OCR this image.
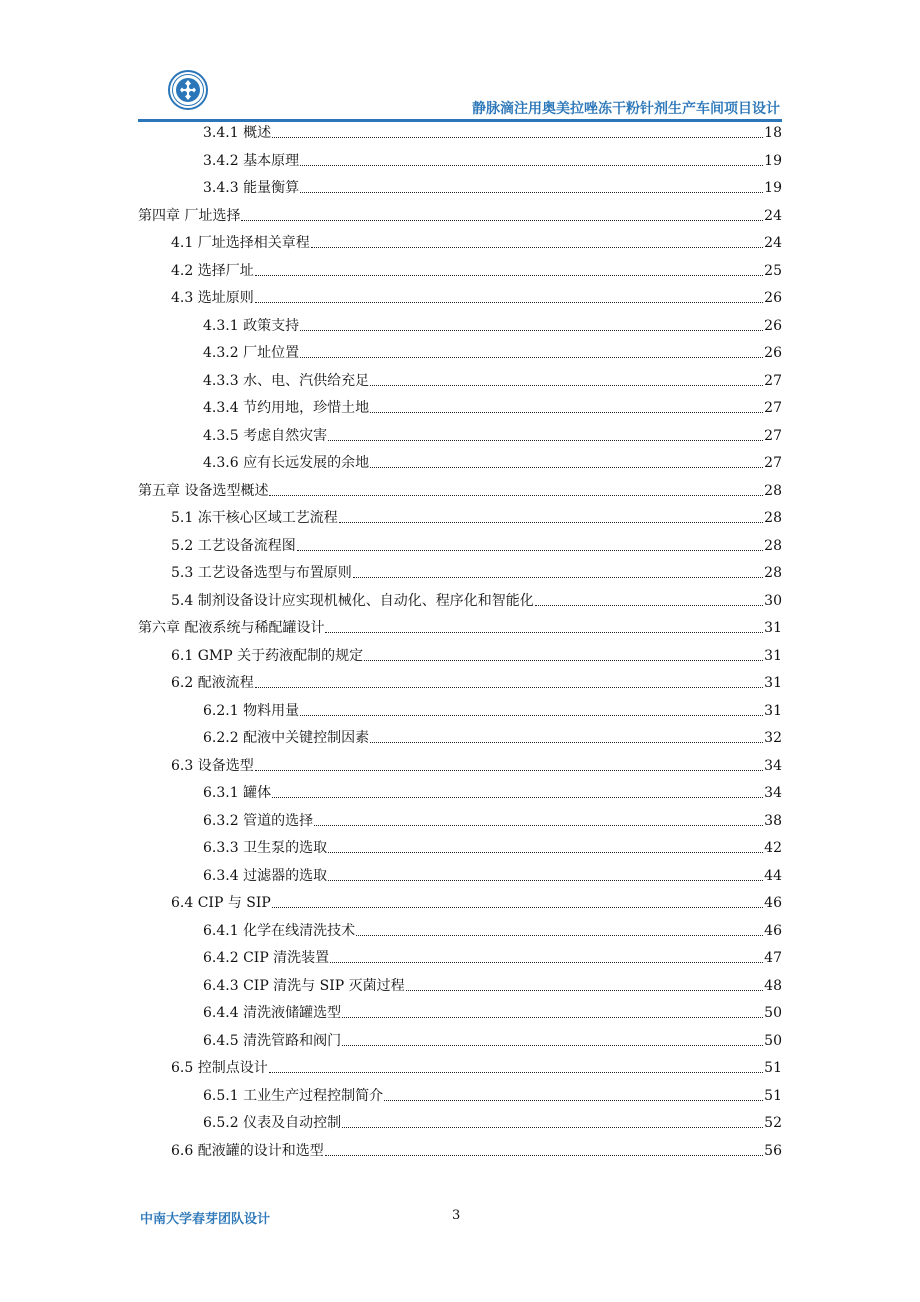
静脉滴注用奥美拉唑冻干粉针剂生产车间项目设计
3.4.1 概述	18
3.4.2 基本原理	19
3.4.3 能量衡算	19
第四章 厂址选择	24
4.1 厂址选择相关章程	24
4.2 选择厂址	25
4.3 选址原则	26
4.3.1 政策支持	26
4.3.2 厂址位置	26
4.3.3 水、电、汽供给充足	27
4.3.4 节约用地，珍惜土地	27
4.3.5 考虑自然灾害	27
4.3.6 应有长远发展的余地	27
第五章 设备选型概述	28
5.1 冻干核心区域工艺流程	28
5.2 工艺设备流程图	28
5.3 工艺设备选型与布置原则	28
5.4 制剂设备设计应实现机械化、自动化、程序化和智能化	30
第六章 配液系统与稀配罐设计	31
6.1 GMP 关于药液配制的规定	31
6.2 配液流程	31
6.2.1 物料用量	31
6.2.2 配液中关键控制因素	32
6.3 设备选型	34
6.3.1 罐体	34
6.3.2 管道的选择	38
6.3.3 卫生泵的选取	42
6.3.4 过滤器的选取	44
6.4 CIP 与 SIP	46
6.4.1 化学在线清洗技术	46
6.4.2 CIP 清洗装置	47
6.4.3 CIP 清洗与 SIP 灭菌过程	48
6.4.4 清洗液储罐选型	50
6.4.5 清洗管路和阀门	50
6.5 控制点设计	51
6.5.1 工业生产过程控制简介	51
6.5.2 仪表及自动控制	52
6.6 配液罐的设计和选型	56
中南大学春芽团队设计	3
